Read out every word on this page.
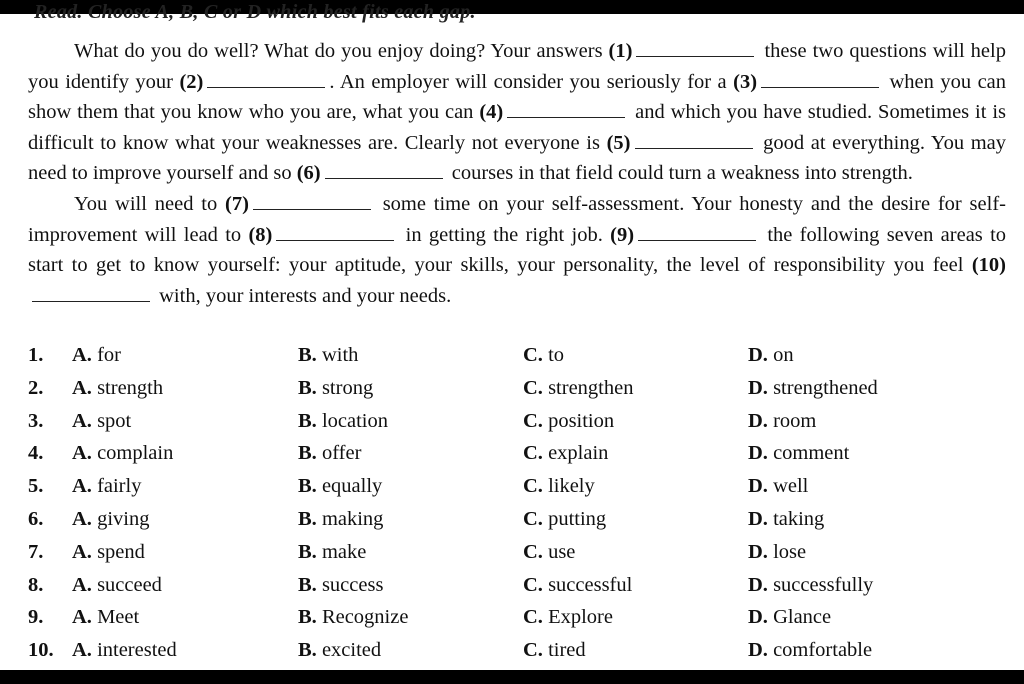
Read. Choose A, B, C or D which best fits each gap.

What do you do well? What do you enjoy doing? Your answers (1)	these two questions will help you identify your (2)	. An employer will consider you seriously for a (3)	when you can show them that you know who you are, what you can (4)	and which you have studied. Sometimes it is difficult to know what your weaknesses are. Clearly not everyone is (5)	good at everything. You may need to improve yourself and so (6)	courses in that field could turn a weakness into strength.

You will need to (7)	some time on your self-assessment. Your honesty and the desire for self-improvement will lead to (8)	in getting the right job. (9)	the following seven areas to start to get to know yourself: your aptitude, your skills, your personality, the level of responsibility you feel (10) with, your interests and your needs.

1. A. for	B. with	C. to	D. on
2. A. strength	B. strong	C. strengthen	D. strengthened
3. A. spot	B. location	C. position	D. room
4. A. complain	B. offer	C. explain	D. comment
5. A. fairly	B. equally	C. likely	D. well
6. A. giving	B. making	C. putting	D. taking
7. A. spend	B. make	C. use	D. lose
8. A. succeed	B. success	C. successful	D. successfully
9. A. Meet	B. Recognize	C. Explore	D. Glance
10. A. interested	B. excited	C. tired	D. comfortable
